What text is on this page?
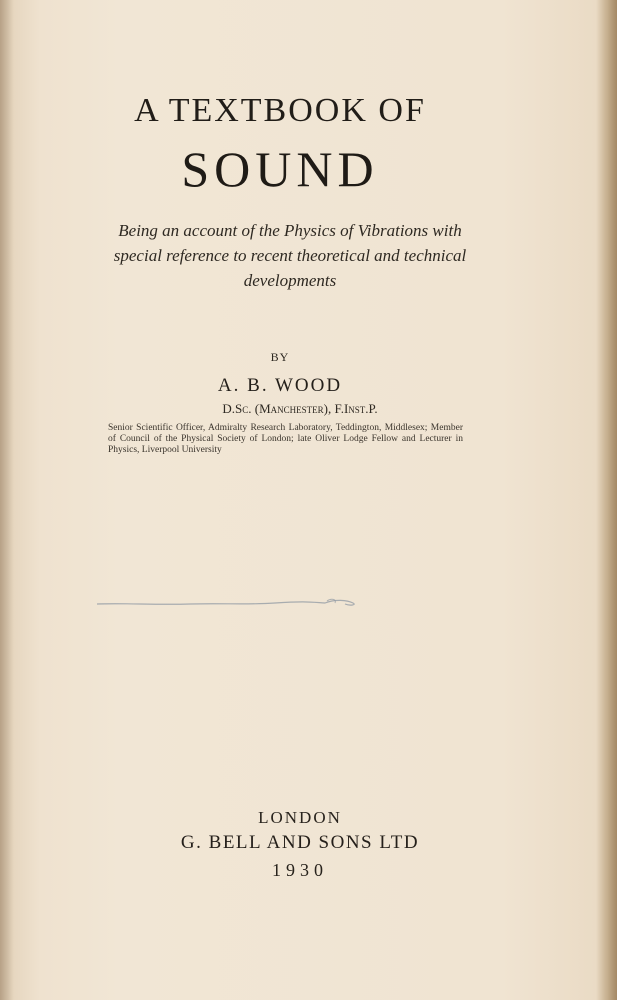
A TEXTBOOK OF
SOUND
Being an account of the Physics of Vibrations with special reference to recent theoretical and technical developments
BY
A. B. WOOD
D.Sc. (Manchester), F.Inst.P.
Senior Scientific Officer, Admiralty Research Laboratory, Teddington, Middlesex; Member of Council of the Physical Society of London; late Oliver Lodge Fellow and Lecturer in Physics, Liverpool University
LONDON
G. BELL AND SONS LTD
1930
